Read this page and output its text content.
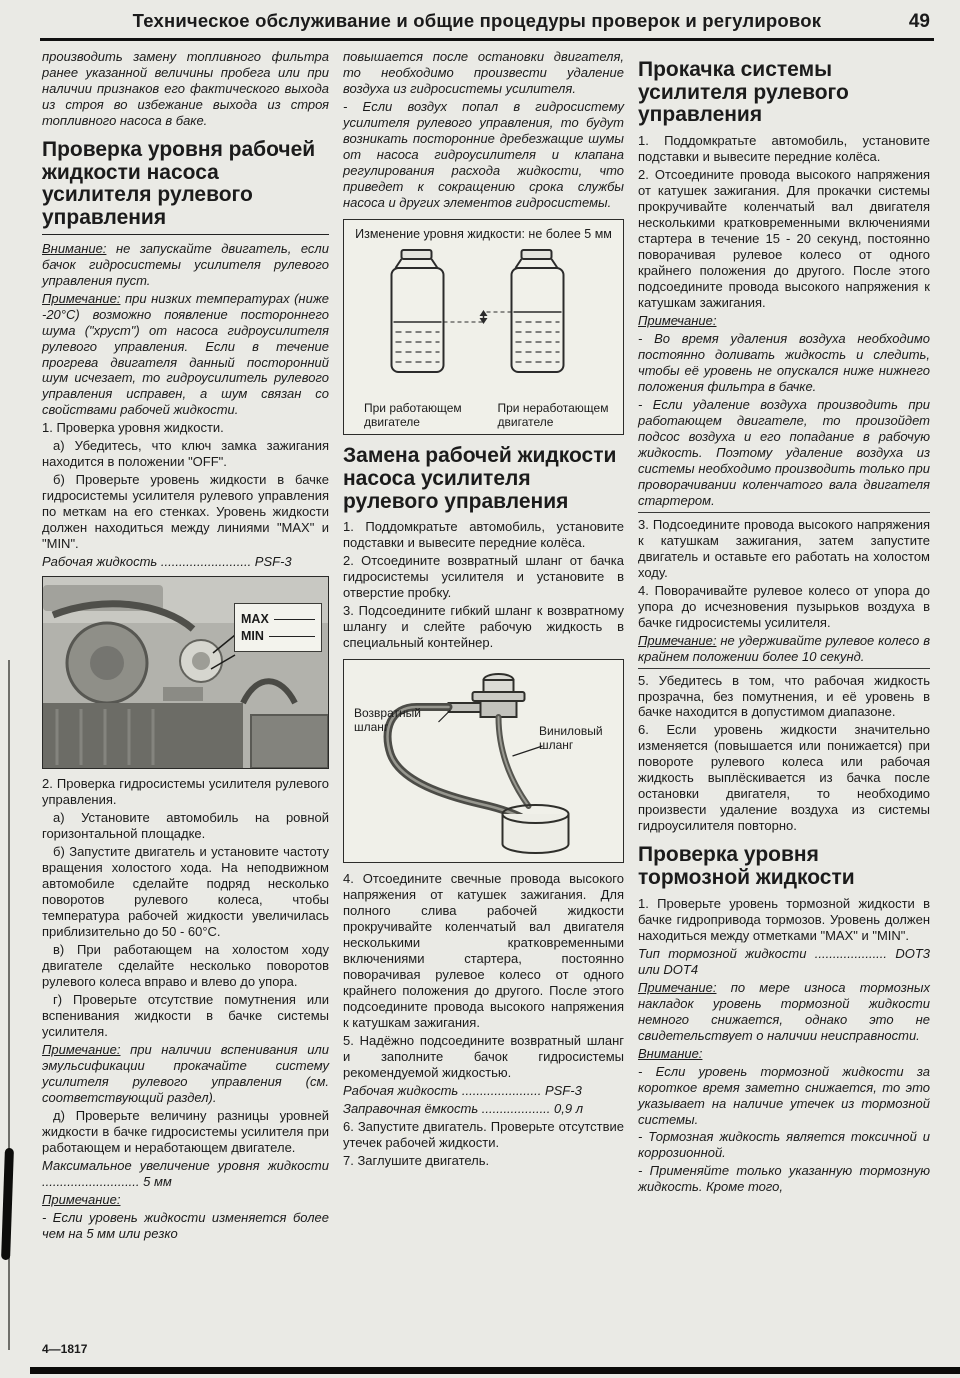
Техническое обслуживание и общие процедуры проверок и регулировок	49

производить замену топливного фильтра ранее указанной величины пробега или при наличии признаков его фактического выхода из строя во избежание выхода из строя топливного насоса в баке.

Проверка уровня рабочей жидкости насоса усилителя рулевого управления

Внимание: не запускайте двигатель, если бачок гидросистемы усилителя рулевого управления пуст.

Примечание: при низких температурах (ниже -20°С) возможно появление постороннего шума ("хруст") от насоса гидроусилителя рулевого управления. Если в течение прогрева двигателя данный посторонний шум исчезает, то гидроусилитель рулевого управления исправен, а шум связан со свойствами рабочей жидкости.

1. Проверка уровня жидкости.

а) Убедитесь, что ключ замка зажигания находится в положении "OFF".

б) Проверьте уровень жидкости в бачке гидросистемы усилителя рулевого управления по меткам на его стенках. Уровень жидкости должен находиться между линиями "MAX" и "MIN".

Рабочая жидкость ......................... PSF-3

MAX
MIN

2. Проверка гидросистемы усилителя рулевого управления.

а) Установите автомобиль на ровной горизонтальной площадке.

б) Запустите двигатель и установите частоту вращения холостого хода. На неподвижном автомобиле сделайте подряд несколько поворотов рулевого колеса, чтобы температура рабочей жидкости увеличилась приблизительно до 50 - 60°С.

в) При работающем на холостом ходу двигателе сделайте несколько поворотов рулевого колеса вправо и влево до упора.

г) Проверьте отсутствие помутнения или вспенивания жидкости в бачке системы усилителя.

Примечание: при наличии вспенивания или эмульсификации прокачайте систему усилителя рулевого управления (см. соответствующий раздел).

д) Проверьте величину разницы уровней жидкости в бачке гидросистемы усилителя при работающем и неработающем двигателе.

Максимальное увеличение уровня жидкости ........................... 5 мм

Примечание:

- Если уровень жидкости изменяется более чем на 5 мм или резко

повышается после остановки двигателя, то необходимо произвести удаление воздуха из гидросистемы усилителя.

- Если воздух попал в гидросистему усилителя рулевого управления, то будут возникать посторонние дребезжащие шумы от насоса гидроусилителя и клапана регулирования расхода жидкости, что приведет к сокращению срока службы насоса и других элементов гидросистемы.

Изменение уровня жидкости: не более 5 мм
При работающем двигателе
При неработающем двигателе
Замена рабочей жидкости насоса усилителя рулевого управления

1. Поддомкратьте автомобиль, установите подставки и вывесите передние колёса.

2. Отсоедините возвратный шланг от бачка гидросистемы усилителя и установите в отверстие пробку.

3. Подсоедините гибкий шланг к возвратному шлангу и слейте рабочую жидкость в специальный контейнер.

Возвратный шланг	Виниловый шланг

4. Отсоедините свечные провода высокого напряжения от катушек зажигания. Для полного слива рабочей жидкости прокручивайте коленчатый вал двигателя несколькими кратковременными включениями стартера, постоянно поворачивая рулевое колесо от одного крайнего положения до другого. После этого подсоедините провода высокого напряжения к катушкам зажигания.

5. Надёжно подсоедините возвратный шланг и заполните бачок гидросистемы рекомендуемой жидкостью.

Рабочая жидкость ...................... PSF-3

Заправочная ёмкость ................... 0,9 л

6. Запустите двигатель. Проверьте отсутствие утечек рабочей жидкости.

7. Заглушите двигатель.

Прокачка системы усилителя рулевого управления

1. Поддомкратьте автомобиль, установите подставки и вывесите передние колёса.

2. Отсоедините провода высокого напряжения от катушек зажигания. Для прокачки системы прокручивайте коленчатый вал двигателя несколькими кратковременными включениями стартера в течение 15 - 20 секунд, постоянно поворачивая рулевое колесо от одного крайнего положения до другого. После этого подсоедините провода высокого напряжения к катушкам зажигания.

Примечание:

- Во время удаления воздуха необходимо постоянно доливать жидкость и следить, чтобы её уровень не опускался ниже нижнего положения фильтра в бачке.

- Если удаление воздуха производить при работающем двигателе, то произойдет подсос воздуха и его попадание в рабочую жидкость. Поэтому удаление воздуха из системы необходимо производить только при проворачивании коленчатого вала двигателя стартером.

3. Подсоедините провода высокого напряжения к катушкам зажигания, затем запустите двигатель и оставьте его работать на холостом ходу.

4. Поворачивайте рулевое колесо от упора до упора до исчезновения пузырьков воздуха в бачке гидросистемы усилителя.

Примечание: не удерживайте рулевое колесо в крайнем положении более 10 секунд.

5. Убедитесь в том, что рабочая жидкость прозрачна, без помутнения, и её уровень в бачке находится в допустимом диапазоне.

6. Если уровень жидкости значительно изменяется (повышается или понижается) при повороте рулевого колеса или рабочая жидкость выплёскивается из бачка после остановки двигателя, то необходимо произвести удаление воздуха из системы гидроусилителя повторно.

Проверка уровня тормозной жидкости

1. Проверьте уровень тормозной жидкости в бачке гидропривода тормозов. Уровень должен находиться между отметками "MAX" и "MIN".

Тип тормозной жидкости .................... DOT3 или DOT4

Примечание: по мере износа тормозных накладок уровень тормозной жидкости немного снижается, однако это не свидетельствует о наличии неисправности.

Внимание:

- Если уровень тормозной жидкости за короткое время заметно снижается, то это указывает на наличие утечек из тормозной системы.

- Тормозная жидкость является токсичной и коррозионной.

- Применяйте только указанную тормозную жидкость. Кроме того,

4—1817
